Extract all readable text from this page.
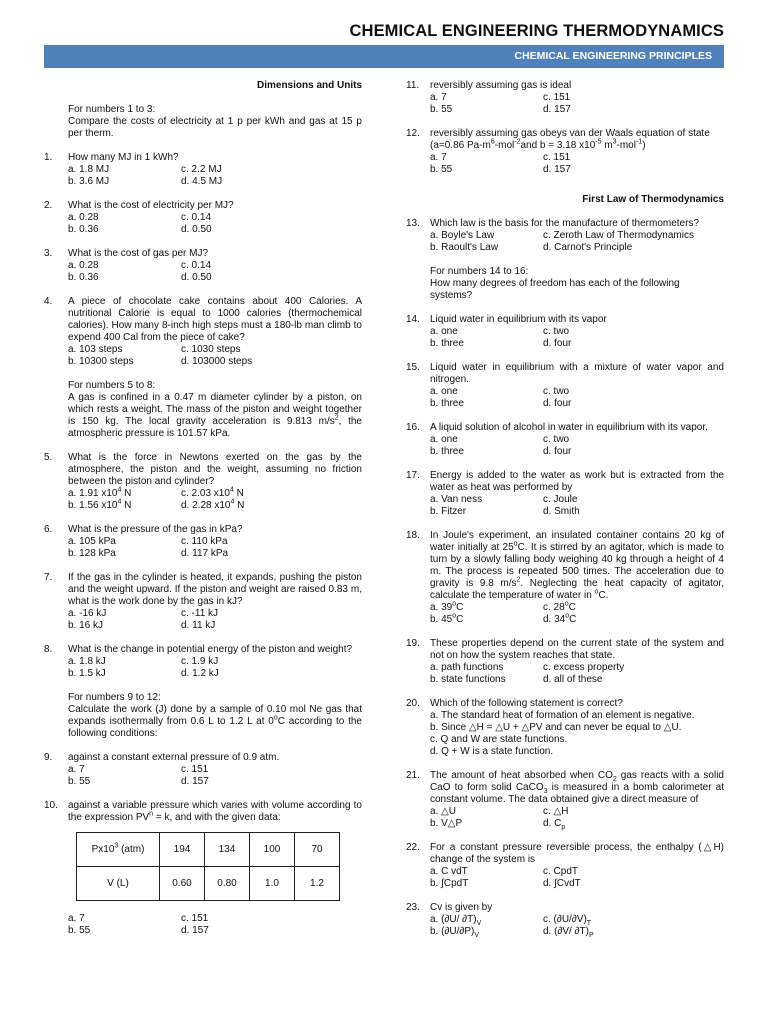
CHEMICAL ENGINEERING THERMODYNAMICS
CHEMICAL ENGINEERING PRINCIPLES
Dimensions and Units
For numbers 1 to 3:
Compare the costs of electricity at 1 p per kWh and gas at 15 p per therm.
1. How many MJ in 1 kWh?
a. 1.8 MJ	c. 2.2 MJ
b. 3.6 MJ	d. 4.5 MJ
2. What is the cost of electricity per MJ?
a. 0.28	c. 0.14
b. 0.36	d. 0.50
3. What is the cost of gas per MJ?
a. 0.28	c. 0.14
b. 0.36	d. 0.50
4. A piece of chocolate cake contains about 400 Calories. A nutritional Calorie is equal to 1000 calories (thermochemical calories). How many 8-inch high steps must a 180-lb man climb to expend 400 Cal from the piece of cake?
a. 103 steps	c. 1030 steps
b. 10300 steps	d. 103000 steps
For numbers 5 to 8:
A gas is confined in a 0.47 m diameter cylinder by a piston, on which rests a weight. The mass of the piston and weight together is 150 kg. The local gravity acceleration is 9.813 $m/s^2$, the atmospheric pressure is 101.57 kPa.
5. What is the force in Newtons exerted on the gas by the atmosphere, the piston and the weight, assuming no friction between the piston and cylinder?
a. 1.91 $x10^4$ N	c. 2.03 $x10^4$ N
b. 1.56 $x10^4$ N	d. 2.28 $x10^4$ N
6. What is the pressure of the gas in kPa?
a. 105 kPa	c. 110 kPa
b. 128 kPa	d. 117 kPa
7. If the gas in the cylinder is heated, it expands, pushing the piston and the weight upward. If the piston and weight are raised 0.83 m, what is the work done by the gas in kJ?
a. -16 kJ	c. -11 kJ
b. 16 kJ	d. 11 kJ
8. What is the change in potential energy of the piston and weight?
a. 1.8 kJ	c. 1.9 kJ
b. 1.5 kJ	d. 1.2 kJ
For numbers 9 to 12:
Calculate the work (J) done by a sample of 0.10 mol Ne gas that expands isothermally from 0.6 L to 1.2 L at 0$^o$C according to the following conditions:
9. against a constant external pressure of 0.9 atm.
a. 7	c. 151
b. 55	d. 157
10. against a variable pressure which varies with volume according to the expression $PV^n = k$, and with the given data:
$Px10^3$ (atm)	194	134	100	70
V (L)	0.60	0.80	1.0	1.2
a. 7	c. 151
b. 55	d. 157
11. reversibly assuming gas is ideal
a. 7	c. 151
b. 55	d. 157
12. reversibly assuming gas obeys van der Waals equation of state
(a=0.86 $Pa-m^6-mol^{-2}and$ b = 3.18 $x10^{-5}$ $m^3-mol^{-1}$)
a. 7	c. 151
b. 55	d. 157
First Law of Thermodynamics
13. Which law is the basis for the manufacture of thermometers?
a. Boyle's Law	c. Zeroth Law of Thermodynamics
b. Raoult's Law	d. Carnot's Principle
For numbers 14 to 16:
How many degrees of freedom has each of the following systems?
14. Liquid water in equilibrium with its vapor
a. one	c. two
b. three	d. four
15. Liquid water in equilibrium with a mixture of water vapor and nitrogen.
a. one	c. two
b. three	d. four
16. A liquid solution of alcohol in water in equilibrium with its vapor.
a. one	c. two
b. three	d. four
17. Energy is added to the water as work but is extracted from the water as heat was performed by
a. Van ness	c. Joule
b. Fitzer	d. Smith
18. In Joule's experiment, an insulated container contains 20 kg of water initially at 25$^o$C. It is stirred by an agitator, which is made to turn by a slowly falling body weighing 40 kg through a height of 4 m. The process is repeated 500 times. The acceleration due to gravity is 9.8 $m/s^2$. Neglecting the heat capacity of agitator, calculate the temperature of water in $^o$C.
a. 39$^o$C	c. 28$^o$C
b. 45$^o$C	d. 34$^o$C
19. These properties depend on the current state of the system and not on how the system reaches that state.
a. path functions	c. excess property
b. state functions	d. all of these
20. Which of the following statement is correct?
a. The standard heat of formation of an element is negative.
b. Since △H = △U + △PV and can never be equal to △U.
c. Q and W are state functions.
d. Q + W is a state function.
21. The amount of heat absorbed when $CO_2$ gas reacts with a solid CaO to form solid CaCO$_3$ is measured in a bomb calorimeter at constant volume. The data obtained give a direct measure of
a. △U	c. △H
b. V△P	d. $C_p$
22. For a constant pressure reversible process, the enthalpy (△H) change of the system is
a. C vdT	c. CpdT
b. ∫CpdT	d. ∫CvdT
23. Cv is given by
a. (∂U/ $\partial T)_V$	c. $(\partial U/\partial V)_T$
b. $(\partial U/\partial P)_V$	d. (∂V/ $\partial T)_P$
